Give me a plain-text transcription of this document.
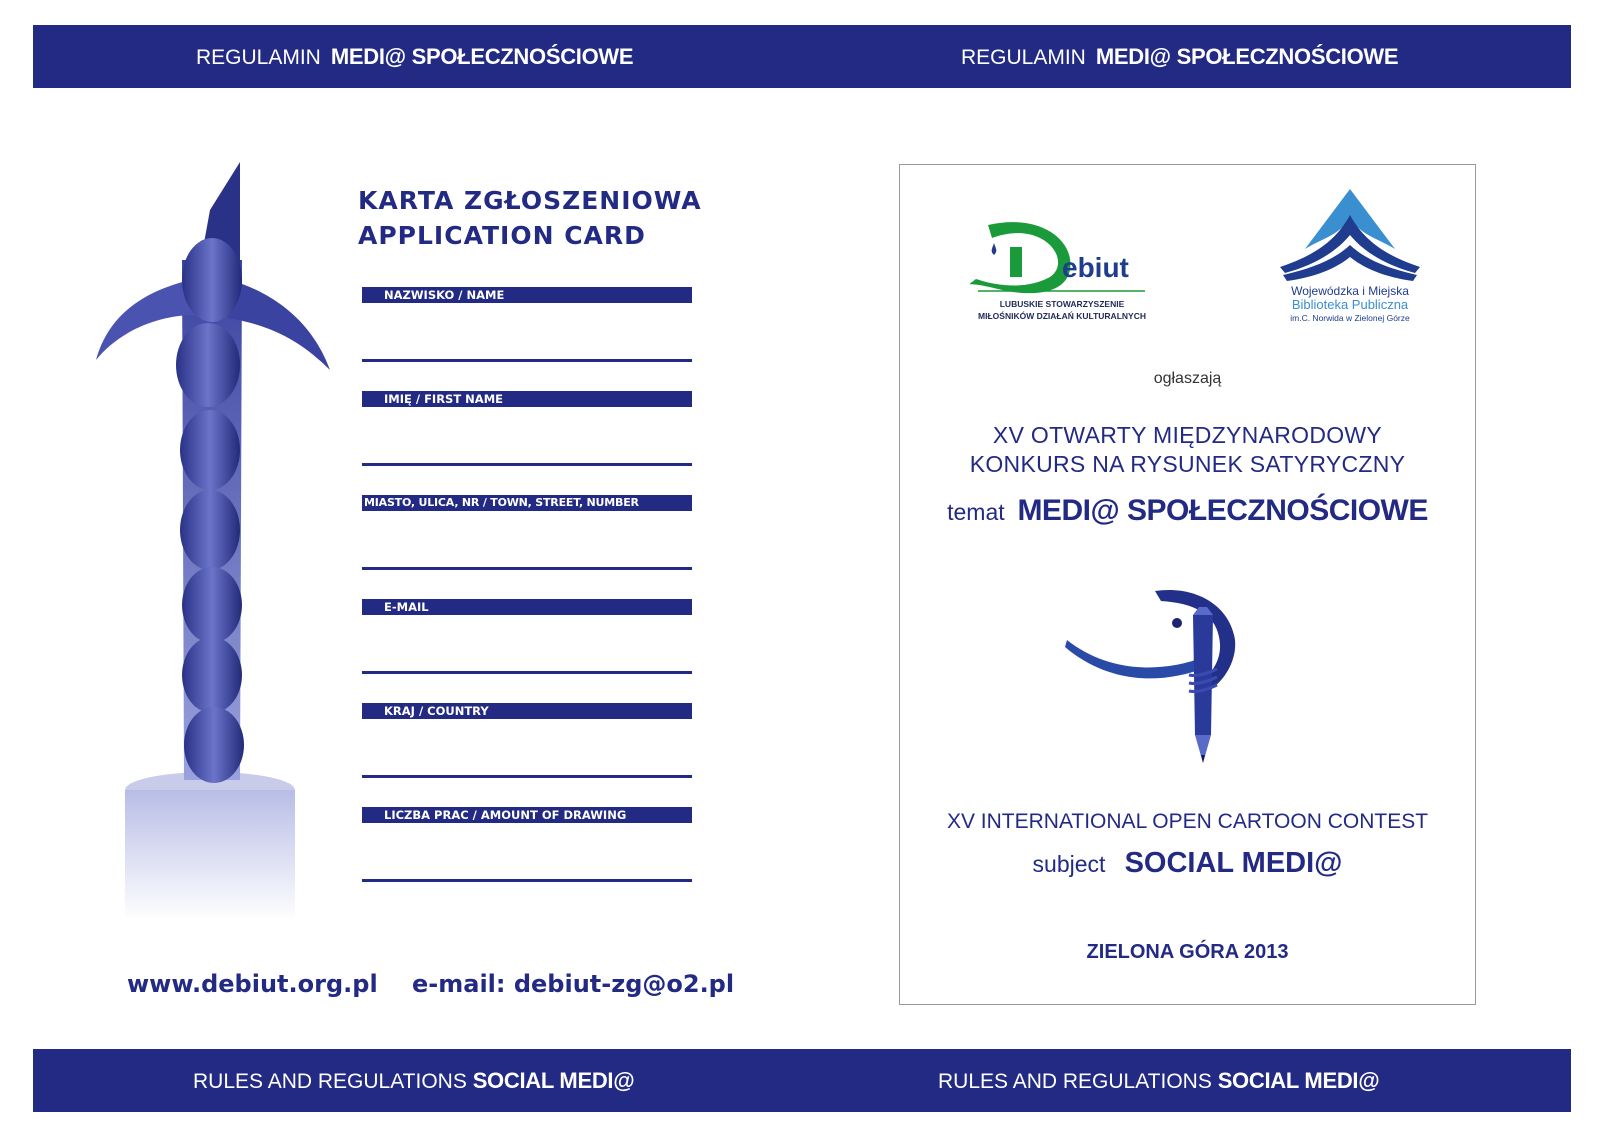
REGULAMIN MEDI@ SPOŁECZNOŚCIOWE	REGULAMIN MEDI@ SPOŁECZNOŚCIOWE
KARTA ZGŁOSZENIOWA
APPLICATION CARD
NAZWISKO / NAME
IMIĘ / FIRST NAME
MIASTO, ULICA, NR / TOWN, STREET, NUMBER
E-MAIL
KRAJ / COUNTRY
LICZBA PRAC / AMOUNT OF DRAWING
www.debiut.org.pl e-mail: debiut-zg@o2.pl
ebiut
LUBUSKIE STOWARZYSZENIE
MIŁOŚNIKÓW DZIAŁAŃ KULTURALNYCH
Wojewódzka i Miejska
Biblioteka Publiczna
im.C. Norwida w Zielonej Górze
ogłaszają
XV OTWARTY MIĘDZYNARODOWY
KONKURS NA RYSUNEK SATYRYCZNY
temat MEDI@ SPOŁECZNOŚCIOWE
XV INTERNATIONAL OPEN CARTOON CONTEST
subject SOCIAL MEDI@
ZIELONA GÓRA 2013
RULES AND REGULATIONS SOCIAL MEDI@	RULES AND REGULATIONS SOCIAL MEDI@
